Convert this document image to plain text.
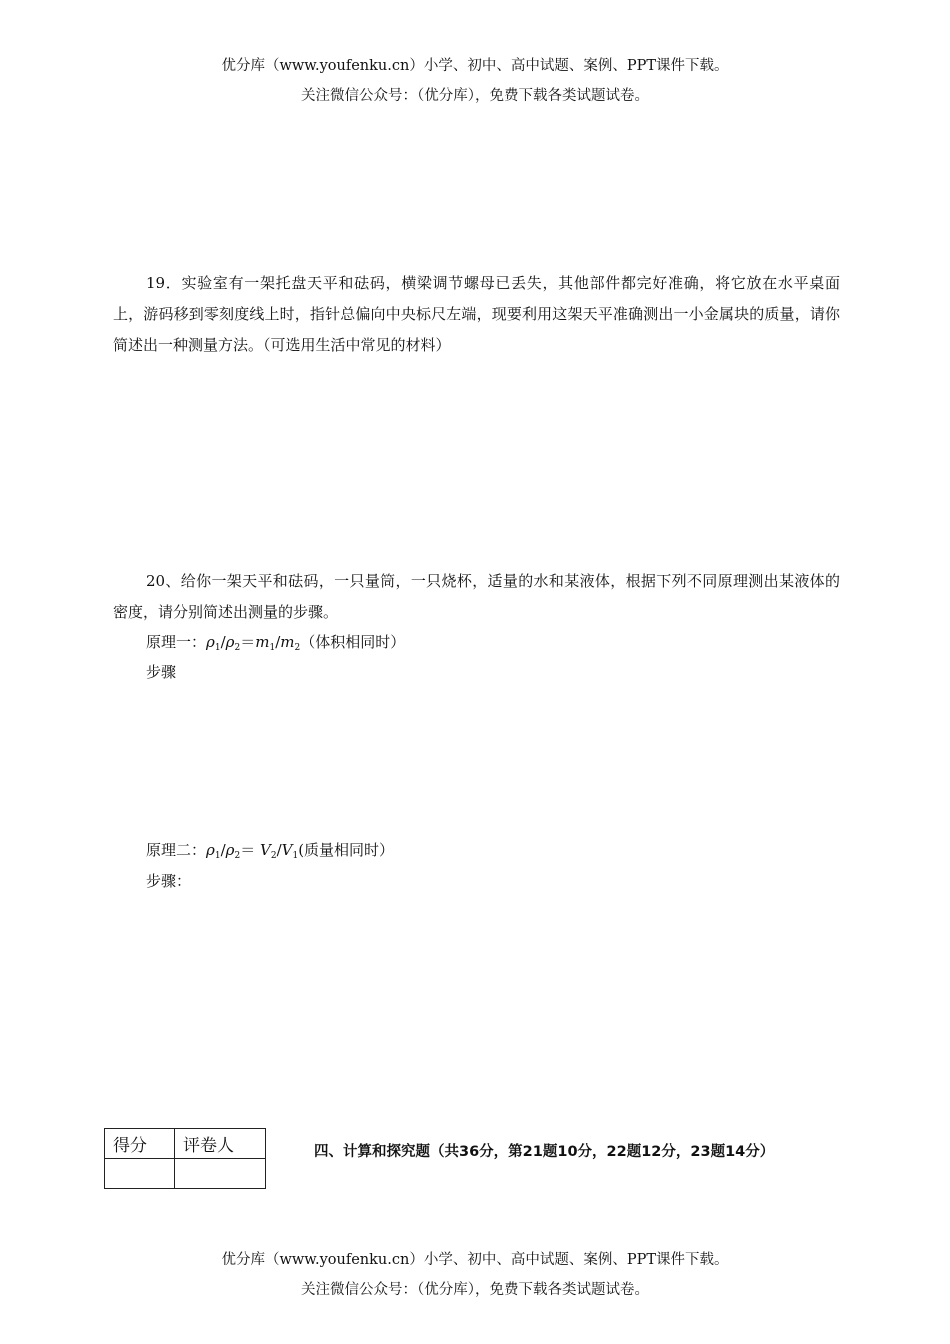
优分库（www.youfenku.cn）小学、初中、高中试题、案例、PPT课件下载。
关注微信公众号：（优分库），免费下载各类试题试卷。
19．实验室有一架托盘天平和砝码，横梁调节螺母已丢失，其他部件都完好准确，将它放在水平桌面上，游码移到零刻度线上时，指针总偏向中央标尺左端，现要利用这架天平准确测出一小金属块的质量，请你简述出一种测量方法。（可选用生活中常见的材料）
20、给你一架天平和砝码，一只量筒，一只烧杯，适量的水和某液体，根据下列不同原理测出某液体的密度，请分别简述出测量的步骤。
原理一：$\rho_1/\rho_2=m_1/m_2$（体积相同时）
步骤
原理二：$\rho_1/\rho_2= V_2/V_1$(质量相同时）
步骤：
得分	评卷人
		四、计算和探究题（共36分，第21题10分，22题12分，23题14分）
优分库（www.youfenku.cn）小学、初中、高中试题、案例、PPT课件下载。
关注微信公众号：（优分库），免费下载各类试题试卷。
